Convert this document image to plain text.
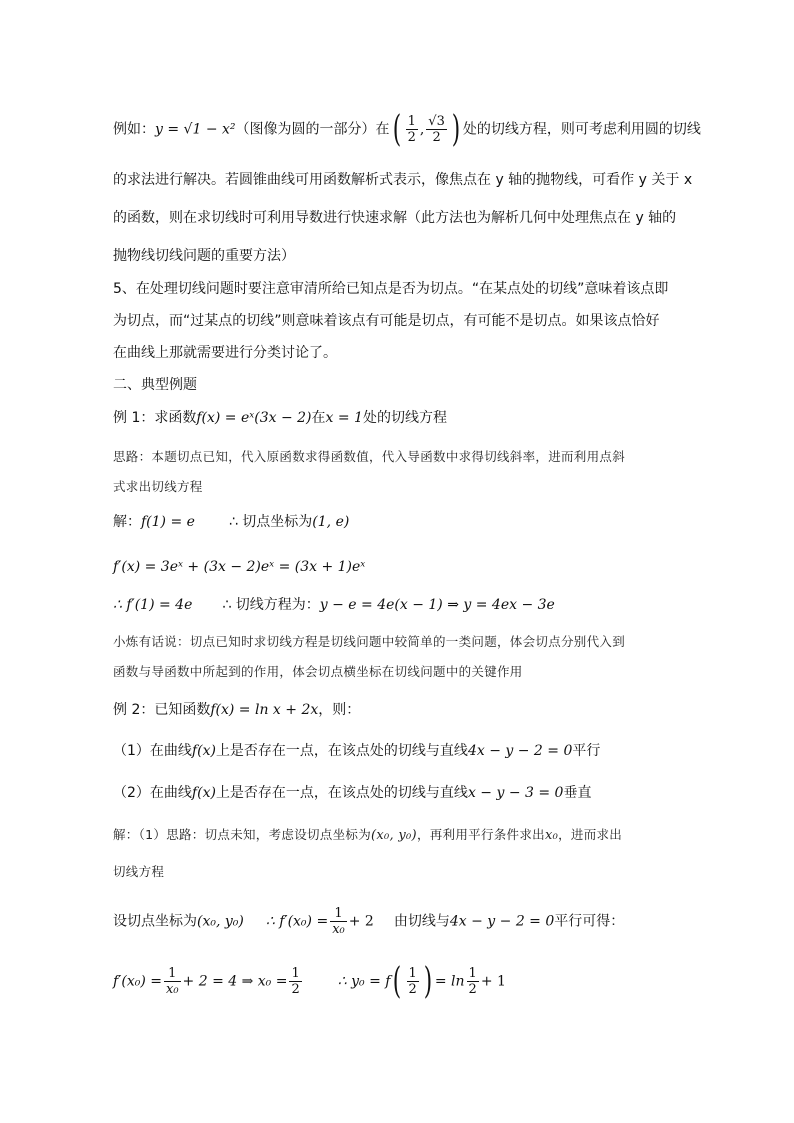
例如：y = √1 − x²（图像为圆的一部分）在( $\frac{1}{2}$ , $\frac{√3}{2}$ ) 处的切线方程，则可考虑利用圆的切线
的求法进行解决。若圆锥曲线可用函数解析式表示，像焦点在 y 轴的抛物线，可看作 y 关于 x
的函数，则在求切线时可利用导数进行快速求解（此方法也为解析几何中处理焦点在 y 轴的
抛物线切线问题的重要方法）
5、在处理切线问题时要注意审清所给已知点是否为切点。“在某点处的切线”意味着该点即
为切点，而“过某点的切线”则意味着该点有可能是切点，有可能不是切点。如果该点恰好
在曲线上那就需要进行分类讨论了。
二、典型例题
例 1：求函数f(x) = eˣ(3x − 2)在x = 1处的切线方程
思路：本题切点已知，代入原函数求得函数值，代入导函数中求得切线斜率，进而利用点斜
式求出切线方程
解：f(1) = e ∴ 切点坐标为(1, e)
f′(x) = 3eˣ + (3x − 2)eˣ = (3x + 1)eˣ
∴ f′(1) = 4e ∴ 切线方程为：y − e = 4e(x − 1) ⇒ y = 4ex − 3e
小炼有话说：切点已知时求切线方程是切线问题中较简单的一类问题，体会切点分别代入到
函数与导函数中所起到的作用，体会切点横坐标在切线问题中的关键作用
例 2：已知函数f(x) = ln x + 2x，则：
（1）在曲线f(x)上是否存在一点，在该点处的切线与直线4x − y − 2 = 0平行
（2）在曲线f(x)上是否存在一点，在该点处的切线与直线x − y − 3 = 0垂直
解：（1）思路：切点未知，考虑设切点坐标为(x₀, y₀)，再利用平行条件求出x₀，进而求出
切线方程
设切点坐标为(x₀, y₀) ∴ $f'(x_0) = \frac{1}{\text{x₀}} + 2$ 由切线与4x − y − 2 = 0平行可得：
$f'(x_0) = \frac{1}{\text{x₀}} + 2 = 4$ ⇒ $x_0 = \frac{1}{2}$	∴ $y_0 = f( \frac{1}{2}$ ) = $\ln \frac{1}{2} + 1$
